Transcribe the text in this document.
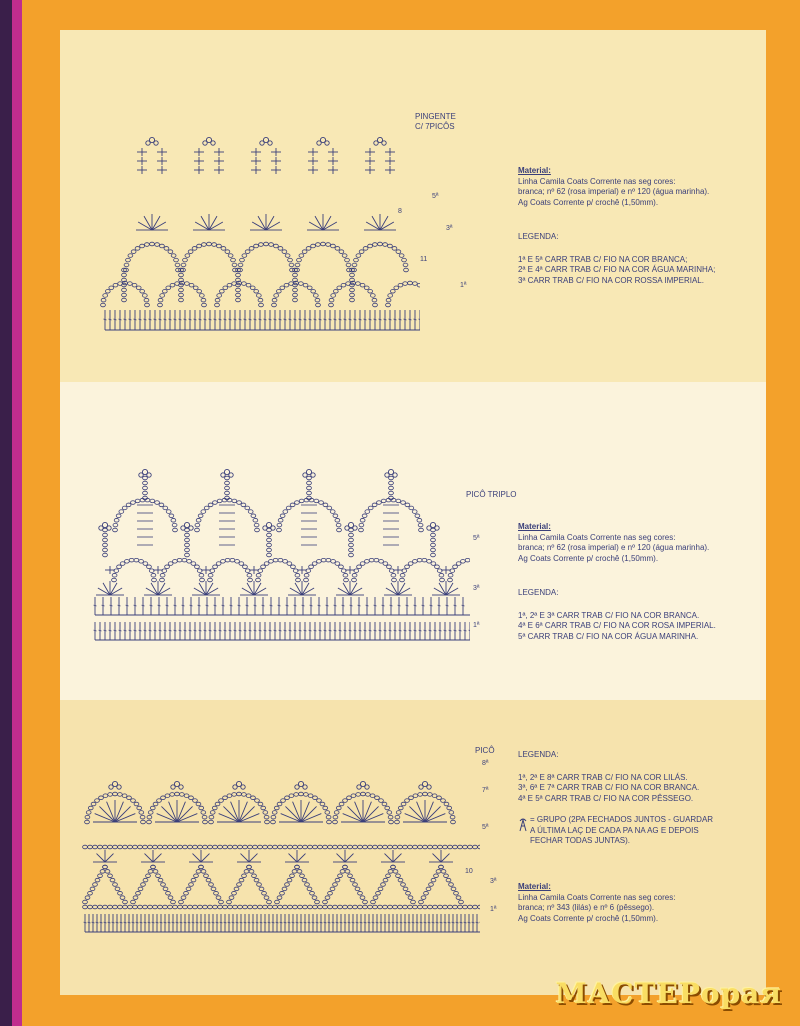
PINGENTE
C/ 7PICÔS
5ª
3ª
1ª
11
8

Material:

Linha Camila Coats Corrente nas seg cores:

branca; nº 62 (rosa imperial) e nº 120 (água marinha).

Ag Coats Corrente p/ crochê (1,50mm).

LEGENDA:

1ª E 5ª CARR TRAB C/ FIO NA COR BRANCA;

2ª E 4ª CARR TRAB C/ FIO NA COR ÁGUA MARINHA;

3ª CARR TRAB C/ FIO NA COR ROSSA IMPERIAL.

PICÔ TRIPLO
5ª
3ª
1ª

Material:

Linha Camila Coats Corrente nas seg cores:

branca; nº 62 (rosa imperial) e nº 120 (água marinha).

Ag Coats Corrente p/ crochê (1,50mm).

LEGENDA:

1ª, 2ª E 3ª CARR TRAB C/ FIO NA COR BRANCA.

4ª E 6ª CARR TRAB C/ FIO NA COR ROSA IMPERIAL.

5ª CARR TRAB C/ FIO NA COR ÁGUA MARINHA.

PICÔ
8ª
7ª
5ª
3ª
1ª
10

LEGENDA:

1ª, 2ª E 8ª CARR TRAB C/ FIO NA COR LILÁS.

3ª, 6ª E 7ª CARR TRAB C/ FIO NA COR BRANCA.

4ª E 5ª CARR TRAB C/ FIO NA COR PÊSSEGO.

= GRUPO (2PA FECHADOS JUNTOS - GUARDAR

A ÚLTIMA LAÇ DE CADA PA NA AG E DEPOIS

FECHAR TODAS JUNTAS).

Material:

Linha Camila Coats Corrente nas seg cores:

branca; nº 343 (lilás) e nº 6 (pêssego).

Ag Coats Corrente p/ crochê (1,50mm).

МАСТЕРорая
